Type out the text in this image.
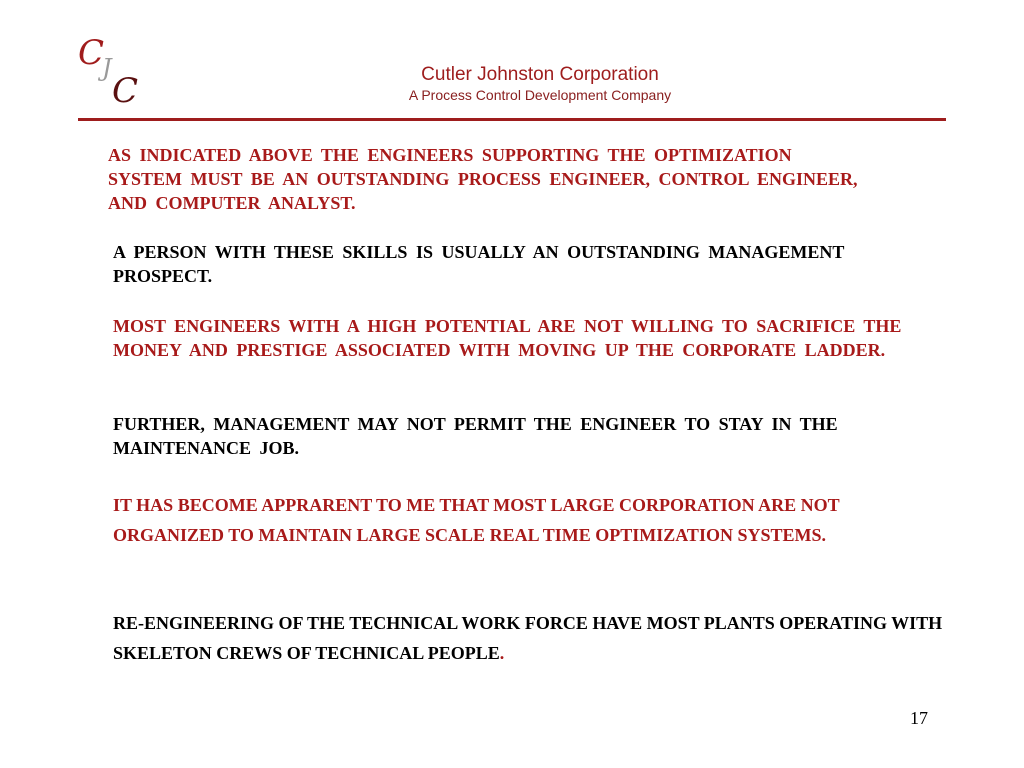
C
J
C	Cutler Johnston Corporation
A Process Control Development Company

AS INDICATED ABOVE THE ENGINEERS SUPPORTING THE OPTIMIZATION SYSTEM MUST BE AN OUTSTANDING PROCESS ENGINEER, CONTROL ENGINEER, AND COMPUTER ANALYST.

A PERSON WITH THESE SKILLS IS USUALLY AN OUTSTANDING MANAGEMENT PROSPECT.

MOST ENGINEERS WITH A HIGH POTENTIAL ARE NOT WILLING TO SACRIFICE THE MONEY AND PRESTIGE ASSOCIATED WITH MOVING UP THE CORPORATE LADDER.

FURTHER, MANAGEMENT MAY NOT PERMIT THE ENGINEER TO STAY IN THE MAINTENANCE JOB.

IT HAS BECOME APPRARENT TO ME THAT MOST LARGE CORPORATION ARE NOT ORGANIZED TO MAINTAIN LARGE SCALE REAL TIME OPTIMIZATION SYSTEMS.

RE-ENGINEERING OF THE TECHNICAL WORK FORCE HAVE MOST PLANTS OPERATING WITH SKELETON CREWS OF TECHNICAL PEOPLE.

17
